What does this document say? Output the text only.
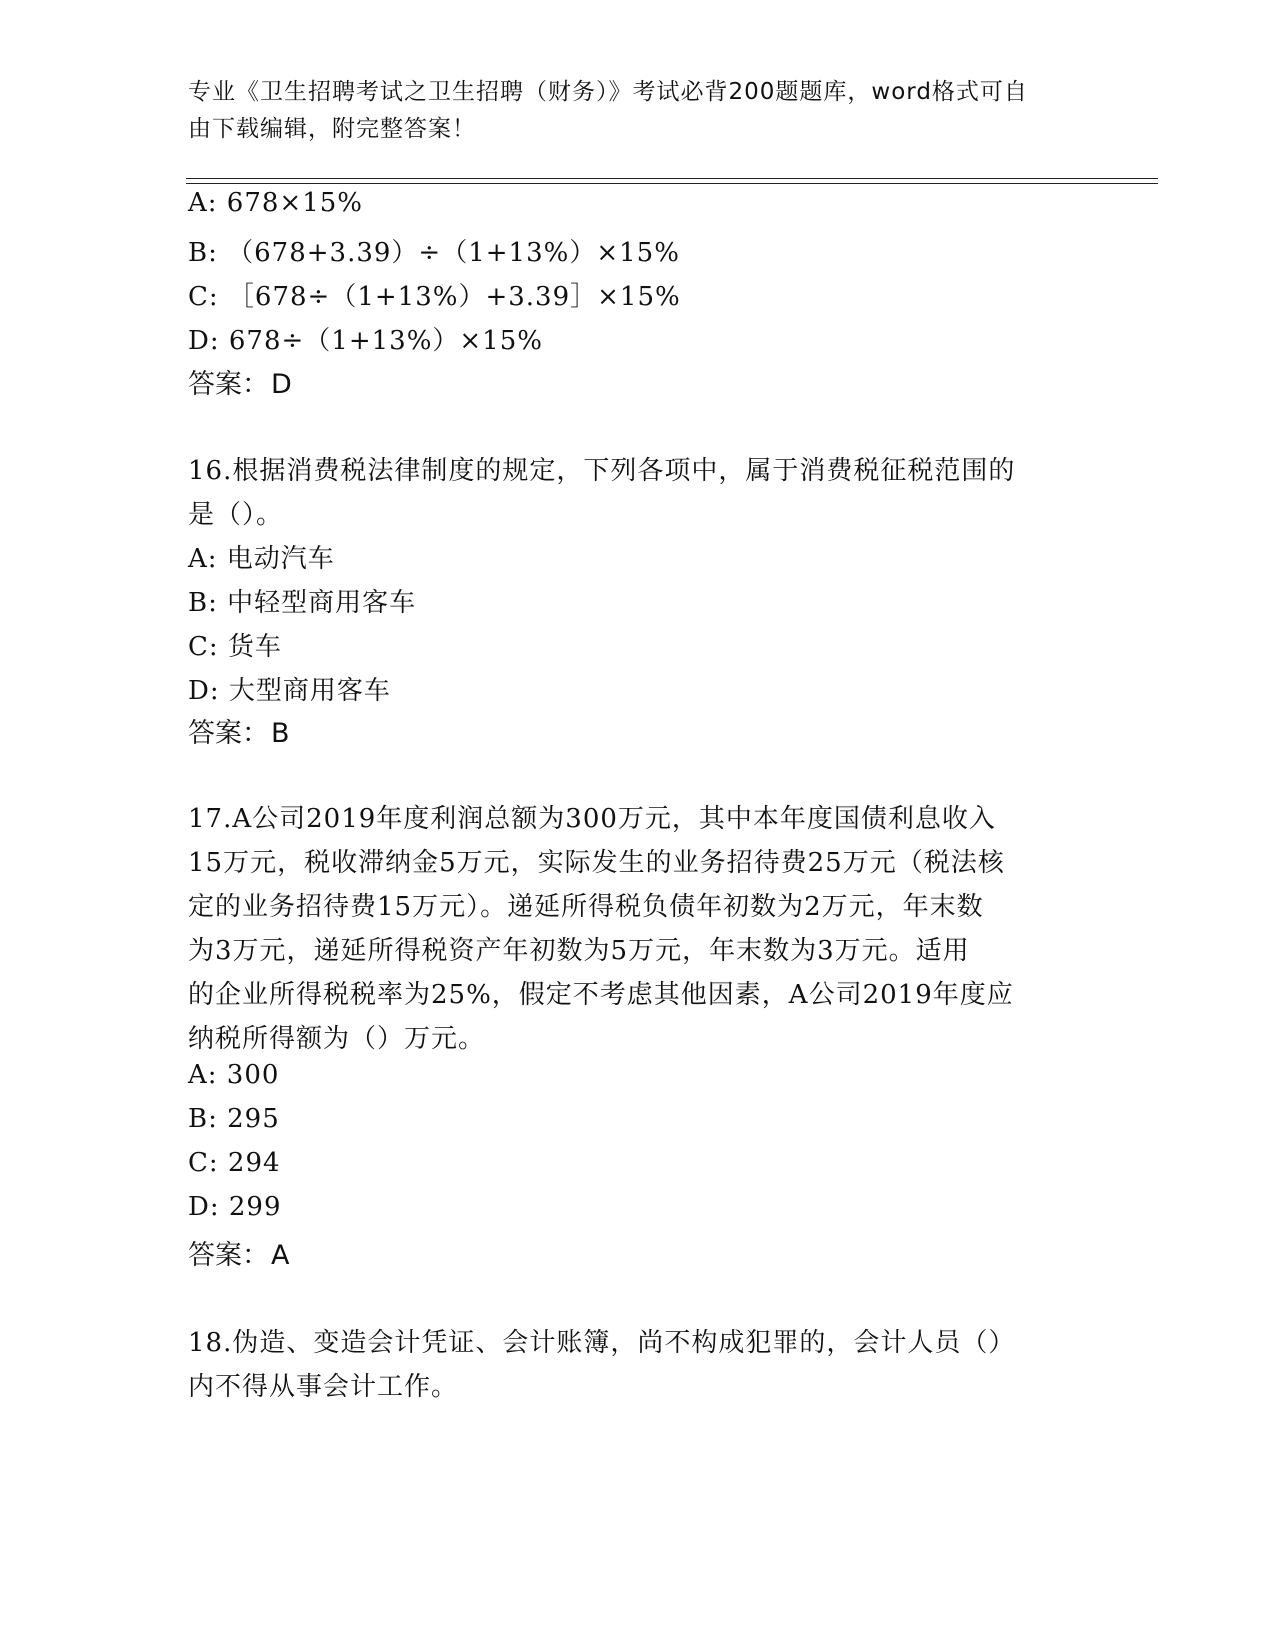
专业《卫生招聘考试之卫生招聘（财务）》考试必背200题题库，word格式可自
由下载编辑，附完整答案！
A: 678×15%
B: （678+3.39）÷（1+13%）×15%
C: ［678÷（1+13%）+3.39］×15%
D: 678÷（1+13%）×15%
答案：D
16.根据消费税法律制度的规定，下列各项中，属于消费税征税范围的
是（）。
A: 电动汽车
B: 中轻型商用客车
C: 货车
D: 大型商用客车
答案：B
17.A公司2019年度利润总额为300万元，其中本年度国债利息收入
15万元，税收滞纳金5万元，实际发生的业务招待费25万元（税法核
定的业务招待费15万元）。递延所得税负债年初数为2万元，年末数
为3万元，递延所得税资产年初数为5万元，年末数为3万元。适用
的企业所得税税率为25%，假定不考虑其他因素，A公司2019年度应
纳税所得额为（）万元。
A: 300
B: 295
C: 294
D: 299
答案：A
18.伪造、变造会计凭证、会计账簿，尚不构成犯罪的，会计人员（）
内不得从事会计工作。
